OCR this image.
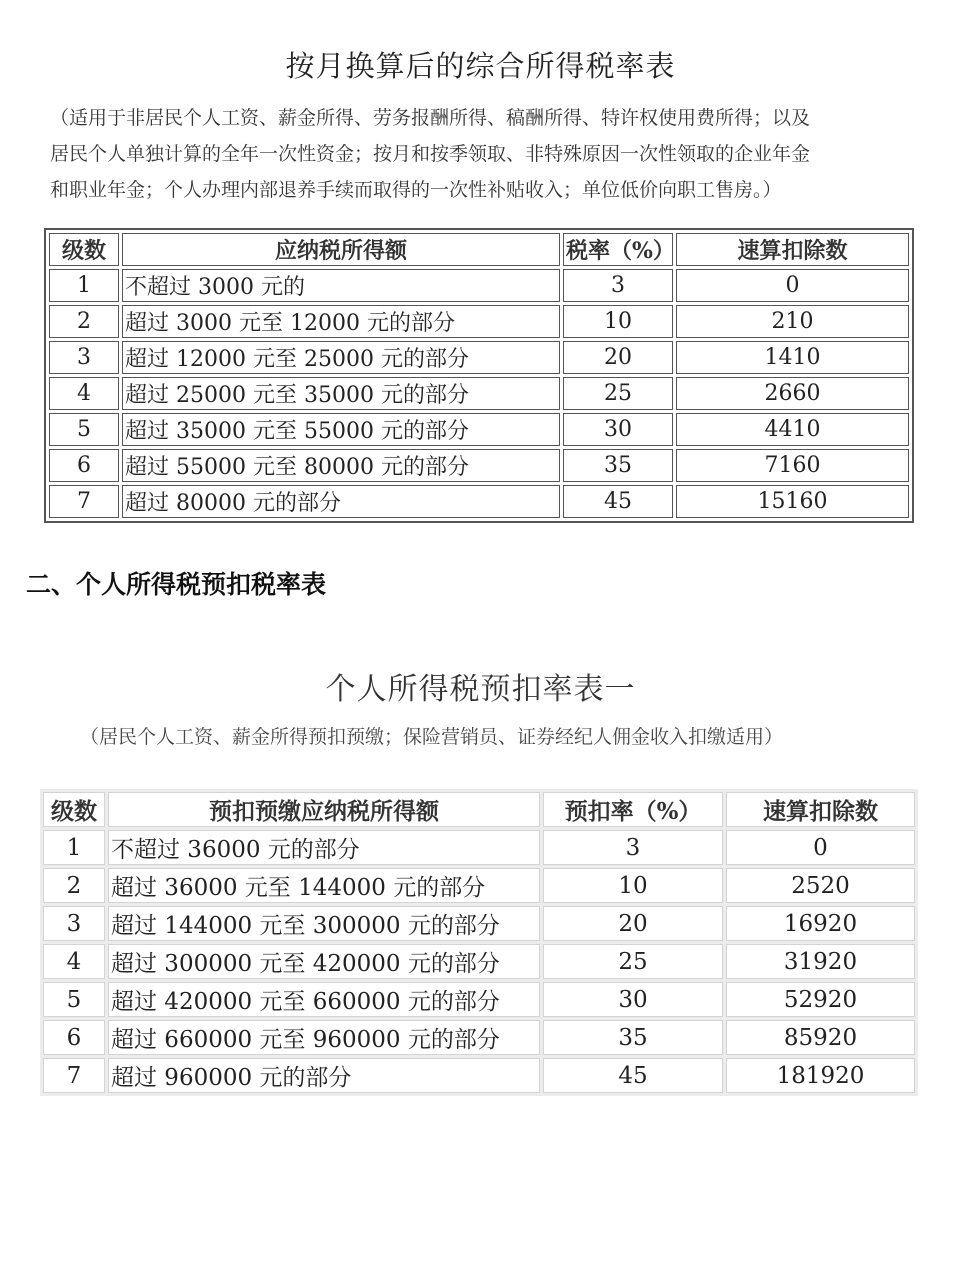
按月换算后的综合所得税率表
（适用于非居民个人工资、薪金所得、劳务报酬所得、稿酬所得、特许权使用费所得；以及
居民个人单独计算的全年一次性资金；按月和按季领取、非特殊原因一次性领取的企业年金
和职业年金；个人办理内部退养手续而取得的一次性补贴收入；单位低价向职工售房。）
级数	应纳税所得额	税率（%）	速算扣除数
1	不超过 3000 元的	3	0
2	超过 3000 元至 12000 元的部分	10	210
3	超过 12000 元至 25000 元的部分	20	1410
4	超过 25000 元至 35000 元的部分	25	2660
5	超过 35000 元至 55000 元的部分	30	4410
6	超过 55000 元至 80000 元的部分	35	7160
7	超过 80000 元的部分	45	15160
二、个人所得税预扣税率表
个人所得税预扣率表一
（居民个人工资、薪金所得预扣预缴；保险营销员、证券经纪人佣金收入扣缴适用）
级数	预扣预缴应纳税所得额	预扣率（%）	速算扣除数
1	不超过 36000 元的部分	3	0
2	超过 36000 元至 144000 元的部分	10	2520
3	超过 144000 元至 300000 元的部分	20	16920
4	超过 300000 元至 420000 元的部分	25	31920
5	超过 420000 元至 660000 元的部分	30	52920
6	超过 660000 元至 960000 元的部分	35	85920
7	超过 960000 元的部分	45	181920
